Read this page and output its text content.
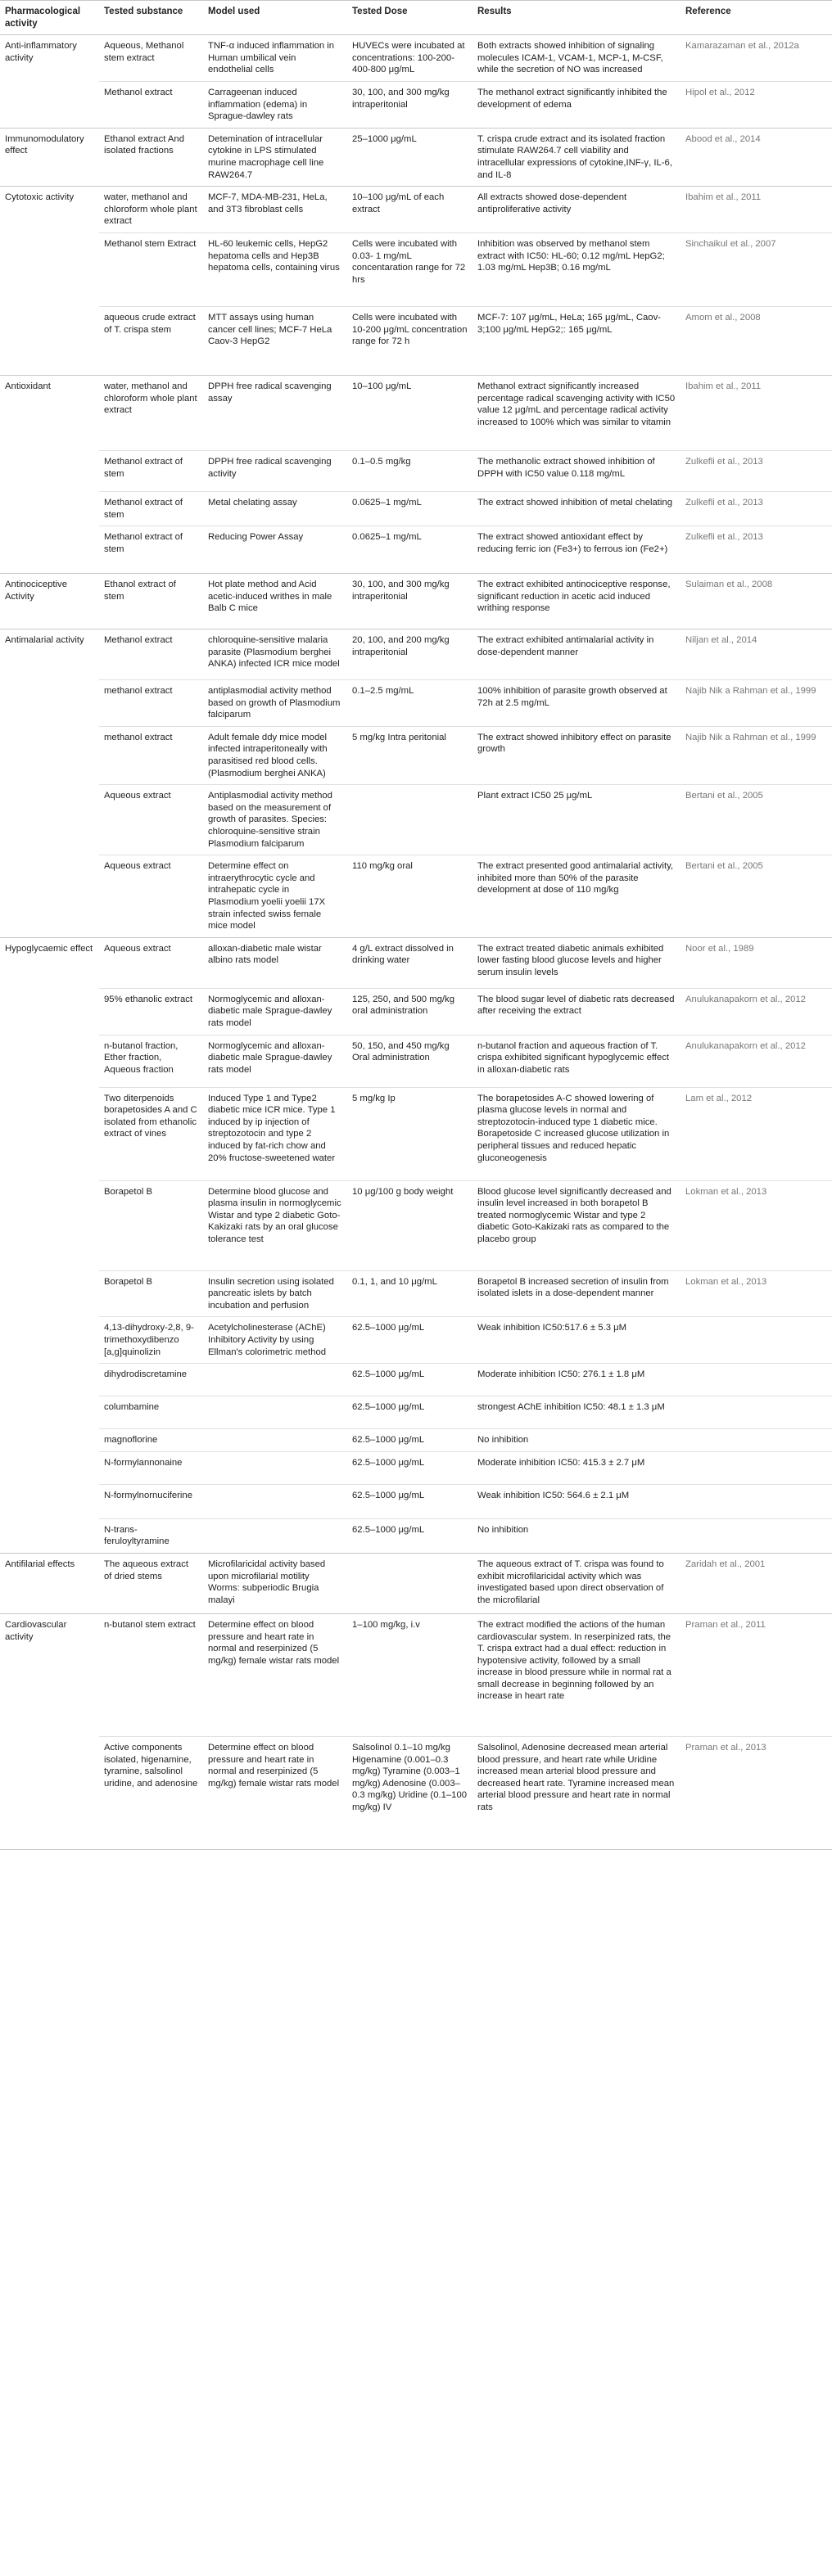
Pharmacological activity	Tested substance	Model used	Tested Dose	Results	Reference
Anti-inflammatory activity	Aqueous, Methanol stem extract	TNF-α induced inflammation in Human umbilical vein endothelial cells	HUVECs were incubated at concentrations: 100-200-400-800 μg/mL	Both extracts showed inhibition of signaling molecules ICAM-1, VCAM-1, MCP-1, M-CSF, while the secretion of NO was increased	Kamarazaman et al., 2012a
	Methanol extract	Carrageenan induced inflammation (edema) in Sprague-dawley rats	30, 100, and 300 mg/kg intraperitonial	The methanol extract significantly inhibited the development of edema	Hipol et al., 2012
Immunomodulatory effect	Ethanol extract And isolated fractions	Detemination of intracellular cytokine in LPS stimulated murine macrophage cell line RAW264.7	25–1000 μg/mL	T. crispa crude extract and its isolated fraction stimulate RAW264.7 cell viability and intracellular expressions of cytokine,INF-γ, IL-6, and IL-8	Abood et al., 2014
Cytotoxic activity	water, methanol and chloroform whole plant extract	MCF-7, MDA-MB-231, HeLa, and 3T3 fibroblast cells	10–100 μg/mL of each extract	All extracts showed dose-dependent antiproliferative activity	Ibahim et al., 2011
	Methanol stem Extract	HL-60 leukemic cells, HepG2 hepatoma cells and Hep3B hepatoma cells, containing virus	Cells were incubated with 0.03- 1 mg/mL concentaration range for 72 hrs	Inhibition was observed by methanol stem extract with IC50: HL-60; 0.12 mg/mL HepG2; 1.03 mg/mL Hep3B; 0.16 mg/mL	Sinchaikul et al., 2007
	aqueous crude extract of T. crispa stem	MTT assays using human cancer cell lines; MCF-7 HeLa Caov-3 HepG2	Cells were incubated with 10-200 μg/mL concentration range for 72 h	MCF-7: 107 μg/mL, HeLa; 165 μg/mL, Caov-3;100 μg/mL HepG2;: 165 μg/mL	Amom et al., 2008
Antioxidant	water, methanol and chloroform whole plant extract	DPPH free radical scavenging assay	10–100 μg/mL	Methanol extract significantly increased percentage radical scavenging activity with IC50 value 12 μg/mL and percentage radical activity increased to 100% which was similar to vitamin	Ibahim et al., 2011
	Methanol extract of stem	DPPH free radical scavenging activity	0.1–0.5 mg/kg	The methanolic extract showed inhibition of DPPH with IC50 value 0.118 mg/mL	Zulkefli et al., 2013
	Methanol extract of stem	Metal chelating assay	0.0625–1 mg/mL	The extract showed inhibition of metal chelating	Zulkefli et al., 2013
	Methanol extract of stem	Reducing Power Assay	0.0625–1 mg/mL	The extract showed antioxidant effect by reducing ferric ion (Fe3+) to ferrous ion (Fe2+)	Zulkefli et al., 2013
Antinociceptive Activity	Ethanol extract of stem	Hot plate method and Acid acetic-induced writhes in male Balb C mice	30, 100, and 300 mg/kg intraperitonial	The extract exhibited antinociceptive response, significant reduction in acetic acid induced writhing response	Sulaiman et al., 2008
Antimalarial activity	Methanol extract	chloroquine-sensitive malaria parasite (Plasmodium berghei ANKA) infected ICR mice model	20, 100, and 200 mg/kg intraperitonial	The extract exhibited antimalarial activity in dose-dependent manner	Niljan et al., 2014
	methanol extract	antiplasmodial activity method based on growth of Plasmodium falciparum	0.1–2.5 mg/mL	100% inhibition of parasite growth observed at 72h at 2.5 mg/mL	Najib Nik a Rahman et al., 1999
	methanol extract	Adult female ddy mice model infected intraperitoneally with parasitised red blood cells. (Plasmodium berghei ANKA)	5 mg/kg Intra peritonial	The extract showed inhibitory effect on parasite growth	Najib Nik a Rahman et al., 1999
	Aqueous extract	Antiplasmodial activity method based on the measurement of growth of parasites. Species: chloroquine-sensitive strain Plasmodium falciparum		Plant extract IC50 25 μg/mL	Bertani et al., 2005
	Aqueous extract	Determine effect on intraerythrocytic cycle and intrahepatic cycle in Plasmodium yoelii yoelii 17X strain infected swiss female mice model	110 mg/kg oral	The extract presented good antimalarial activity, inhibited more than 50% of the parasite development at dose of 110 mg/kg	Bertani et al., 2005
Hypoglycaemic effect	Aqueous extract	alloxan-diabetic male wistar albino rats model	4 g/L extract dissolved in drinking water	The extract treated diabetic animals exhibited lower fasting blood glucose levels and higher serum insulin levels	Noor et al., 1989
	95% ethanolic extract	Normoglycemic and alloxan-diabetic male Sprague-dawley rats model	125, 250, and 500 mg/kg oral administration	The blood sugar level of diabetic rats decreased after receiving the extract	Anulukanapakorn et al., 2012
	n-butanol fraction, Ether fraction, Aqueous fraction	Normoglycemic and alloxan-diabetic male Sprague-dawley rats model	50, 150, and 450 mg/kg Oral administration	n-butanol fraction and aqueous fraction of T. crispa exhibited significant hypoglycemic effect in alloxan-diabetic rats	Anulukanapakorn et al., 2012
	Two diterpenoids borapetosides A and C isolated from ethanolic extract of vines	Induced Type 1 and Type2 diabetic mice ICR mice. Type 1 induced by ip injection of streptozotocin and type 2 induced by fat-rich chow and 20% fructose-sweetened water	5 mg/kg Ip	The borapetosides A-C showed lowering of plasma glucose levels in normal and streptozotocin-induced type 1 diabetic mice. Borapetoside C increased glucose utilization in peripheral tissues and reduced hepatic gluconeogenesis	Lam et al., 2012
	Borapetol B	Determine blood glucose and plasma insulin in normoglycemic Wistar and type 2 diabetic Goto-Kakizaki rats by an oral glucose tolerance test	10 μg/100 g body weight	Blood glucose level significantly decreased and insulin level increased in both borapetol B treated normoglycemic Wistar and type 2 diabetic Goto-Kakizaki rats as compared to the placebo group	Lokman et al., 2013
	Borapetol B	Insulin secretion using isolated pancreatic islets by batch incubation and perfusion	0.1, 1, and 10 μg/mL	Borapetol B increased secretion of insulin from isolated islets in a dose-dependent manner	Lokman et al., 2013
	4,13-dihydroxy-2,8, 9-trimethoxydibenzo [a,g]quinolizin	Acetylcholinesterase (AChE) Inhibitory Activity by using Ellman's colorimetric method	62.5–1000 μg/mL	Weak inhibition IC50:517.6 ± 5.3 μM	
	dihydrodiscretamine		62.5–1000 μg/mL	Moderate inhibition IC50: 276.1 ± 1.8 μM	
	columbamine		62.5–1000 μg/mL	strongest AChE inhibition IC50: 48.1 ± 1.3 μM	
	magnoflorine		62.5–1000 μg/mL	No inhibition	
	N-formylannonaine		62.5–1000 μg/mL	Moderate inhibition IC50: 415.3 ± 2.7 μM	
	N-formylnornuciferine		62.5–1000 μg/mL	Weak inhibition IC50: 564.6 ± 2.1 μM	
	N-trans-feruloyltyramine		62.5–1000 μg/mL	No inhibition	
Antifilarial effects	The aqueous extract of dried stems	Microfilaricidal activity based upon microfilarial motility Worms: subperiodic Brugia malayi		The aqueous extract of T. crispa was found to exhibit microfilaricidal activity which was investigated based upon direct observation of the microfilarial	Zaridah et al., 2001
Cardiovascular activity	n-butanol stem extract	Determine effect on blood pressure and heart rate in normal and reserpinized (5 mg/kg) female wistar rats model	1–100 mg/kg, i.v	The extract modified the actions of the human cardiovascular system. In reserpinized rats, the T. crispa extract had a dual effect: reduction in hypotensive activity, followed by a small increase in blood pressure while in normal rat a small decrease in beginning followed by an increase in heart rate	Praman et al., 2011
	Active components isolated, higenamine, tyramine, salsolinol uridine, and adenosine	Determine effect on blood pressure and heart rate in normal and reserpinized (5 mg/kg) female wistar rats model	Salsolinol 0.1–10 mg/kg Higenamine (0.001–0.3 mg/kg) Tyramine (0.003–1 mg/kg) Adenosine (0.003–0.3 mg/kg) Uridine (0.1–100 mg/kg) IV	Salsolinol, Adenosine decreased mean arterial blood pressure, and heart rate while Uridine increased mean arterial blood pressure and decreased heart rate. Tyramine increased mean arterial blood pressure and heart rate in normal rats	Praman et al., 2013
